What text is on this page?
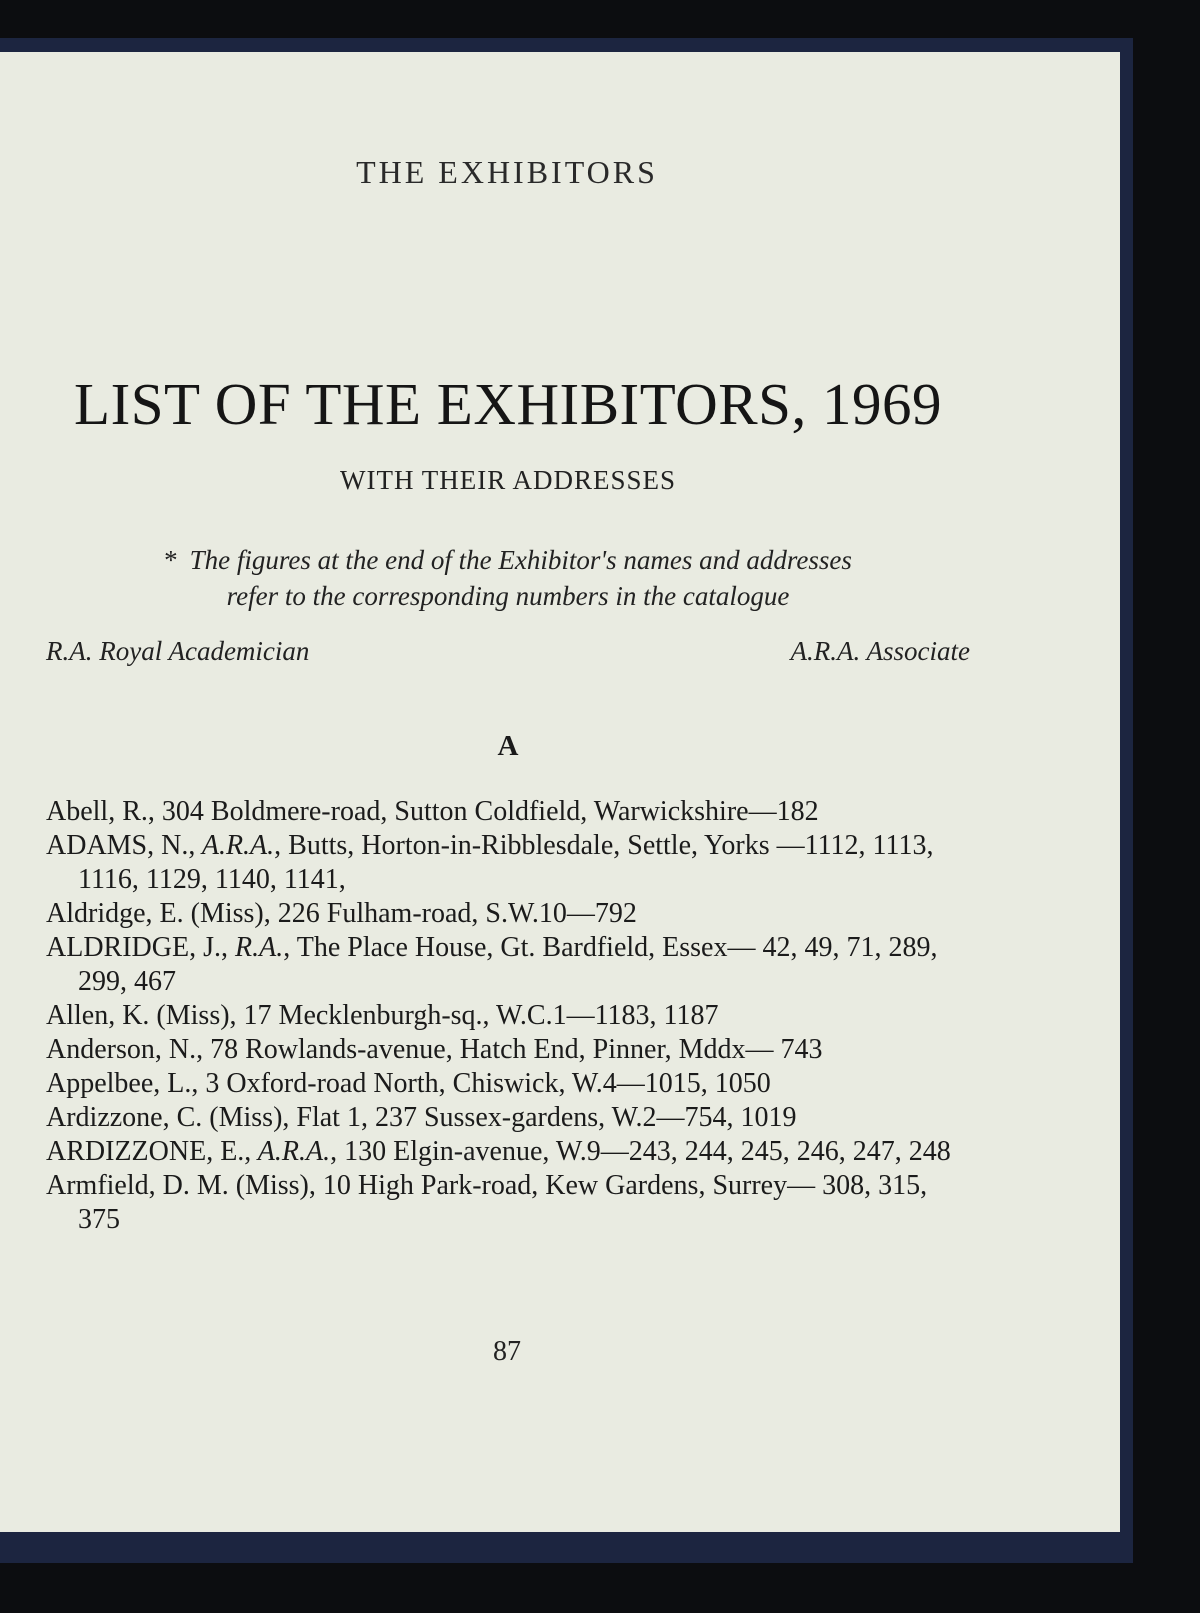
THE EXHIBITORS
LIST OF THE EXHIBITORS, 1969
WITH THEIR ADDRESSES
* The figures at the end of the Exhibitor's names and addresses
refer to the corresponding numbers in the catalogue
R.A. Royal Academician	A.R.A. Associate
A
Abell, R., 304 Boldmere-road, Sutton Coldfield, Warwickshire—182
ADAMS, N., A.R.A., Butts, Horton-in-Ribblesdale, Settle, Yorks —1112, 1113, 1116, 1129, 1140, 1141,
Aldridge, E. (Miss), 226 Fulham-road, S.W.10—792
ALDRIDGE, J., R.A., The Place House, Gt. Bardfield, Essex— 42, 49, 71, 289, 299, 467
Allen, K. (Miss), 17 Mecklenburgh-sq., W.C.1—1183, 1187
Anderson, N., 78 Rowlands-avenue, Hatch End, Pinner, Mddx— 743
Appelbee, L., 3 Oxford-road North, Chiswick, W.4—1015, 1050
Ardizzone, C. (Miss), Flat 1, 237 Sussex-gardens, W.2—754, 1019
ARDIZZONE, E., A.R.A., 130 Elgin-avenue, W.9—243, 244, 245, 246, 247, 248
Armfield, D. M. (Miss), 10 High Park-road, Kew Gardens, Surrey— 308, 315, 375
87
